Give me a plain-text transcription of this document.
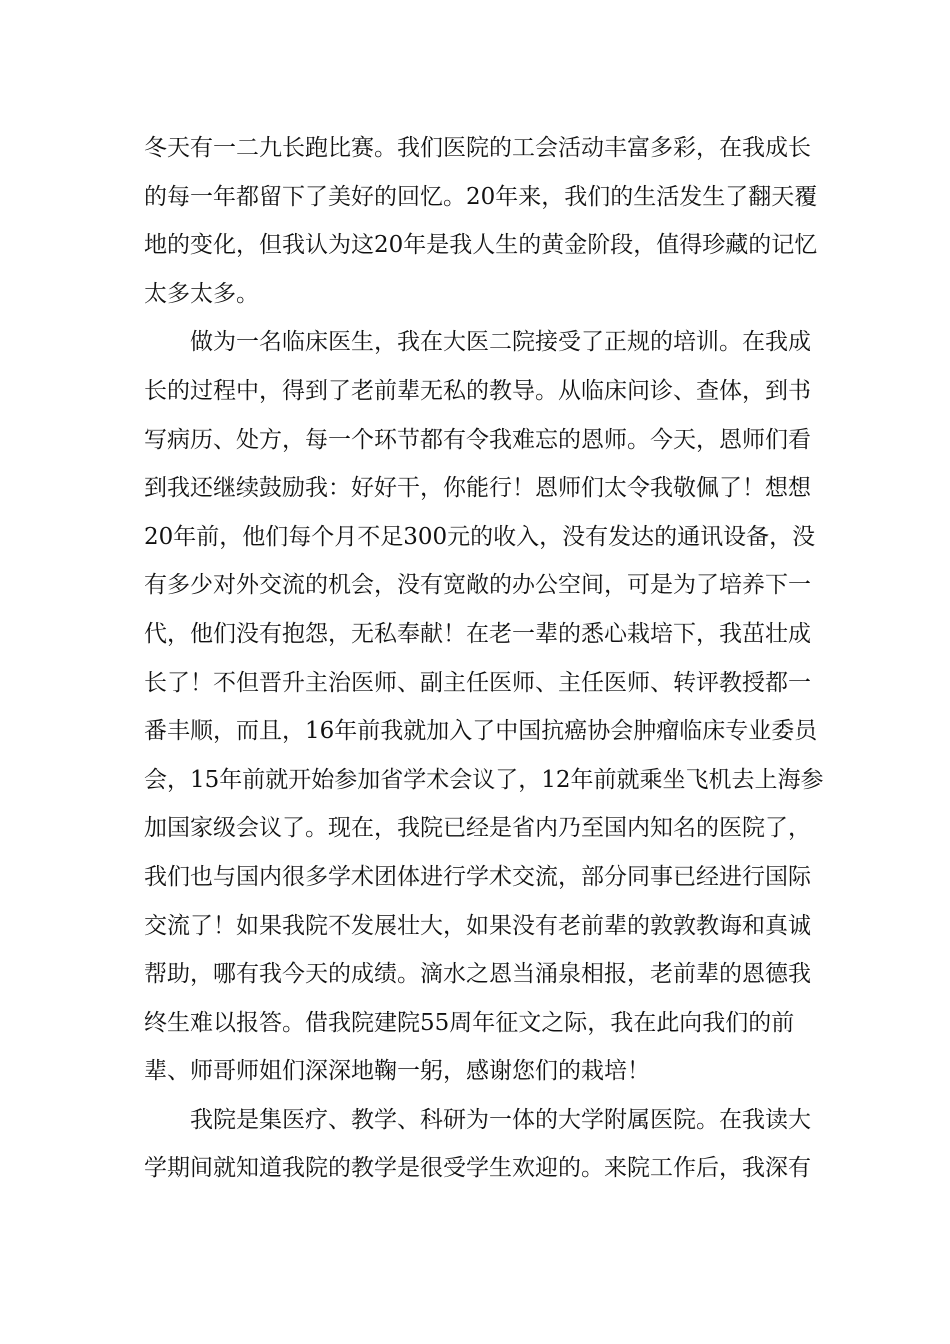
冬天有一二九长跑比赛。我们医院的工会活动丰富多彩，在我成长
的每一年都留下了美好的回忆。20年来，我们的生活发生了翻天覆
地的变化，但我认为这20年是我人生的黄金阶段，值得珍藏的记忆
太多太多。
做为一名临床医生，我在大医二院接受了正规的培训。在我成
长的过程中，得到了老前辈无私的教导。从临床问诊、查体，到书
写病历、处方，每一个环节都有令我难忘的恩师。今天，恩师们看
到我还继续鼓励我：好好干，你能行！恩师们太令我敬佩了！想想
20年前，他们每个月不足300元的收入，没有发达的通讯设备，没
有多少对外交流的机会，没有宽敞的办公空间，可是为了培养下一
代，他们没有抱怨，无私奉献！在老一辈的悉心栽培下，我茁壮成
长了！不但晋升主治医师、副主任医师、主任医师、转评教授都一
番丰顺，而且，16年前我就加入了中国抗癌协会肿瘤临床专业委员
会，15年前就开始参加省学术会议了，12年前就乘坐飞机去上海参
加国家级会议了。现在，我院已经是省内乃至国内知名的医院了，
我们也与国内很多学术团体进行学术交流，部分同事已经进行国际
交流了！如果我院不发展壮大，如果没有老前辈的敦敦教诲和真诚
帮助，哪有我今天的成绩。滴水之恩当涌泉相报，老前辈的恩德我
终生难以报答。借我院建院55周年征文之际，我在此向我们的前
辈、师哥师姐们深深地鞠一躬，感谢您们的栽培！
我院是集医疗、教学、科研为一体的大学附属医院。在我读大
学期间就知道我院的教学是很受学生欢迎的。来院工作后，我深有
